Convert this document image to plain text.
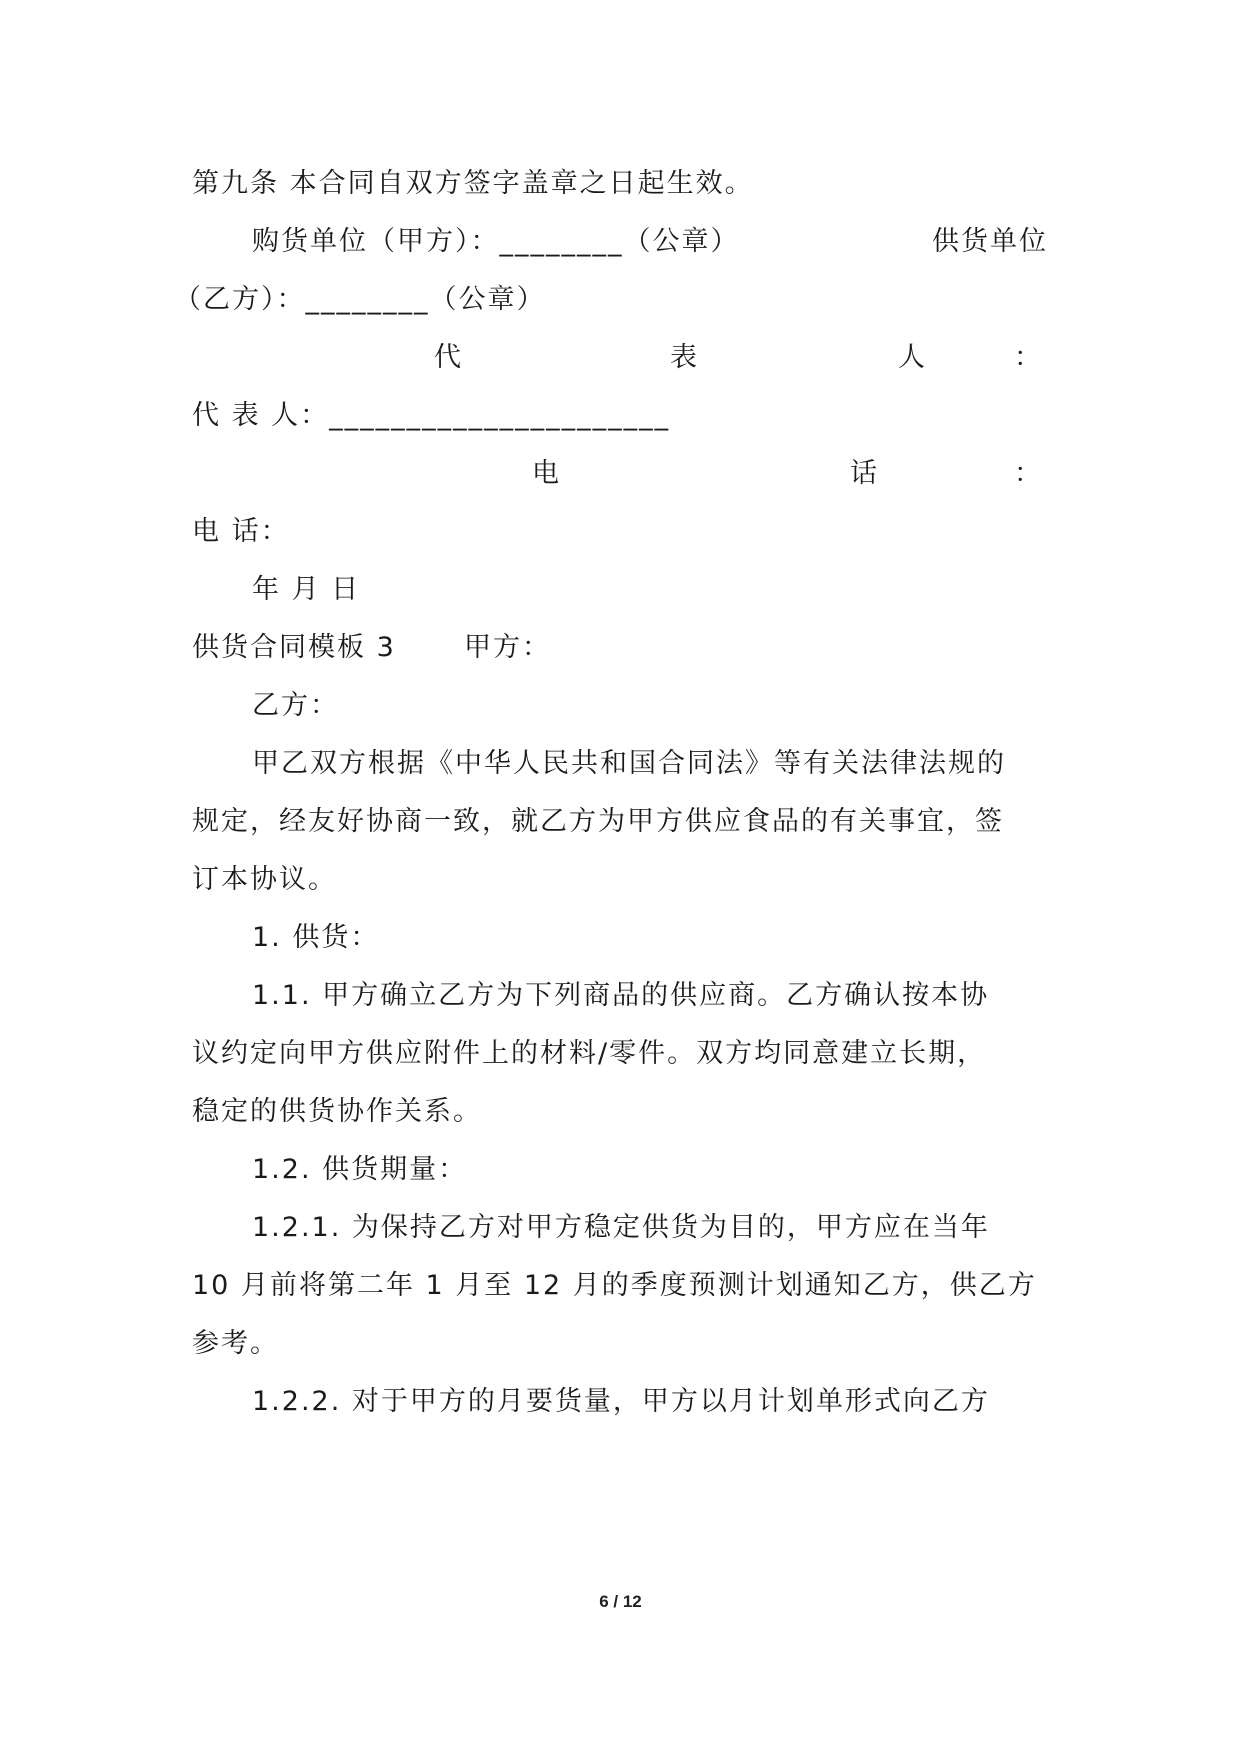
第九条 本合同自双方签字盖章之日起生效。
购货单位（甲方）：________（公章）	供货单位
（乙方）：________（公章）
代	表	人	：
代 表 人：______________________
电	话	：
电 话：
年 月 日
供货合同模板 3	甲方：
乙方：
甲乙双方根据《中华人民共和国合同法》等有关法律法规的
规定，经友好协商一致，就乙方为甲方供应食品的有关事宜，签
订本协议。
1. 供货：
1.1. 甲方确立乙方为下列商品的供应商。乙方确认按本协
议约定向甲方供应附件上的材料/零件。双方均同意建立长期，
稳定的供货协作关系。
1.2. 供货期量：
1.2.1. 为保持乙方对甲方稳定供货为目的，甲方应在当年
10 月前将第二年 1 月至 12 月的季度预测计划通知乙方，供乙方
参考。
1.2.2. 对于甲方的月要货量，甲方以月计划单形式向乙方
6 / 12
